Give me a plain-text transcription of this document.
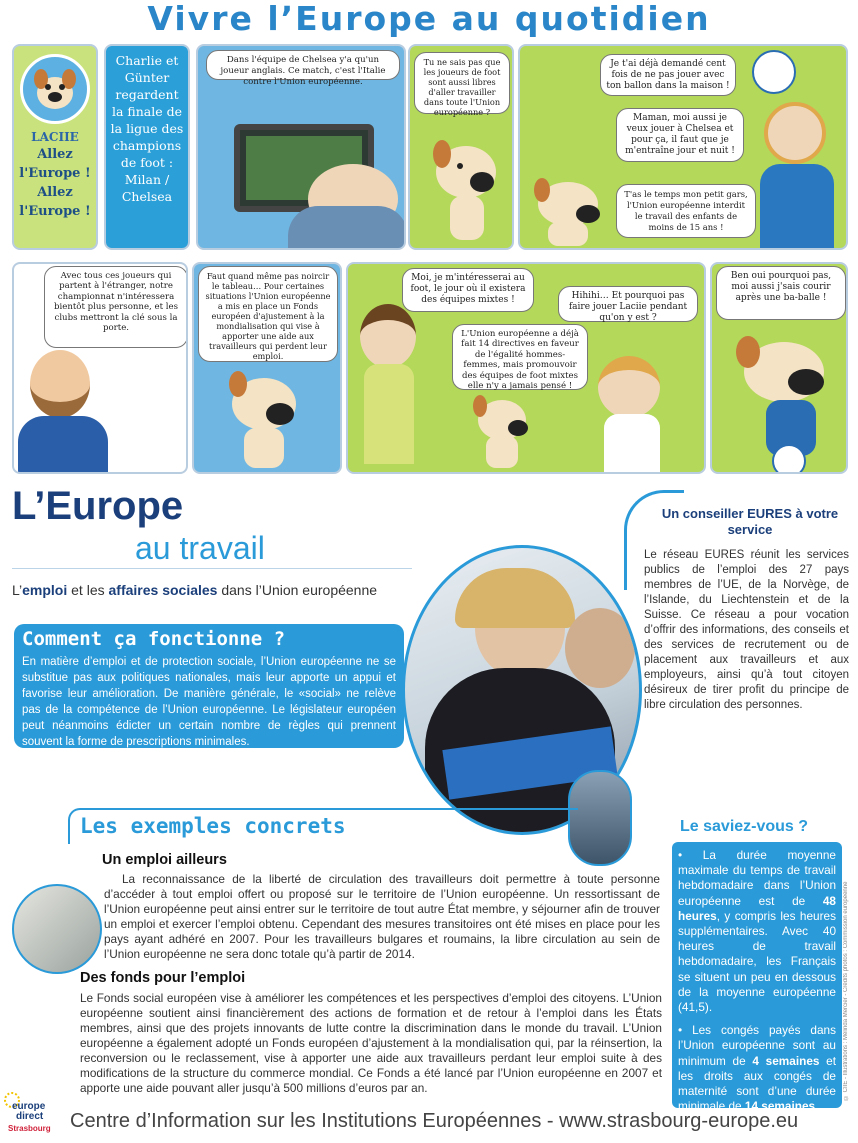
Vivre l’Europe au quotidien
LACIIE
Allez
l'Europe !
Allez
l'Europe !
Charlie et Günter regardent la finale de la ligue des champions de foot : Milan / Chelsea
Dans l'équipe de Chelsea y'a qu'un joueur anglais. Ce match, c'est l'Italie contre l'Union européenne.
Tu ne sais pas que les joueurs de foot sont aussi libres d'aller travailler dans toute l'Union européenne ?
Je t'ai déjà demandé cent fois de ne pas jouer avec ton ballon dans la maison !
Maman, moi aussi je veux jouer à Chelsea et pour ça, il faut que je m'entraîne jour et nuit !
T'as le temps mon petit gars, l'Union européenne interdit le travail des enfants de moins de 15 ans !
Avec tous ces joueurs qui partent à l'étranger, notre championnat n'intéressera bientôt plus personne, et les clubs mettront la clé sous la porte.
Faut quand même pas noircir le tableau… Pour certaines situations l'Union européenne a mis en place un Fonds européen d'ajustement à la mondialisation qui vise à apporter une aide aux travailleurs qui perdent leur emploi.
Moi, je m'intéresserai au foot, le jour où il existera des équipes mixtes !	Hihihi… Et pourquoi pas faire jouer Laciie pendant qu'on y est ?
L'Union européenne a déjà fait 14 directives en faveur de l'égalité hommes-femmes, mais promouvoir des équipes de foot mixtes elle n'y a jamais pensé !
Ben oui pourquoi pas, moi aussi j'sais courir après une ba-balle !
L’Europe
au travail
L’emploi et les affaires sociales dans l’Union européenne
En matière d’emploi et de protection sociale, l’Union européenne ne se substitue pas aux politiques nationales, mais leur apporte un appui et favorise leur amélioration. De manière générale, le «social» ne relève pas de la compétence de l’Union européenne. Le législateur européen peut néanmoins édicter un certain nombre de règles qui prennent souvent la forme de prescriptions minimales.
Comment ça fonctionne ?
Un conseiller EURES à votre service
Le réseau EURES réunit les services publics de l’emploi des 27 pays membres de l’UE, de la Norvège, de l’Islande, du Liechtenstein et de la Suisse. Ce réseau a pour vocation d’offrir des informations, des conseils et des services de recrutement ou de placement aux travailleurs et aux employeurs, ainsi qu’à tout citoyen désireux de tirer profit du principe de libre circulation des personnes.
Les exemples concrets
Un emploi ailleurs
La reconnaissance de la liberté de circulation des travailleurs doit permettre à toute personne d’accéder à tout emploi offert ou proposé sur le territoire de l’Union européenne. Un ressortissant de l’Union européenne peut ainsi entrer sur le territoire de tout autre État membre, y séjourner afin de trouver un emploi et exercer l’emploi obtenu. Cependant des mesures transitoires ont été mises en place pour les pays ayant adhéré en 2007. Pour les travailleurs bulgares et roumains, la libre circulation au sein de l’Union européenne ne sera donc totale qu’à partir de 2014.
Des fonds pour l’emploi
Le Fonds social européen vise à améliorer les compétences et les perspectives d’emploi des citoyens. L’Union européenne soutient ainsi financièrement des actions de formation et de retour à l’emploi dans les États membres, ainsi que des projets innovants de lutte contre la discrimination dans le monde du travail. L’Union européenne a également adopté un Fonds européen d’ajustement à la mondialisation qui, par la réinsertion, la reconversion ou le reclassement, vise à apporter une aide aux travailleurs perdant leur emploi suite à des modifications de la structure du commerce mondial. Ce Fonds a été lancé par l’Union européenne en 2007 et apporte une aide pouvant aller jusqu’à 500 millions d’euros par an.
Le saviez-vous ?

• La durée moyenne maximale du temps de travail hebdomadaire dans l’Union européenne est de 48 heures, y compris les heures supplémentaires. Avec 40 heures de travail hebdomadaire, les Français se situent un peu en dessous de la moyenne européenne (41,5).

• Les congés payés dans l’Union européenne sont au minimum de 4 semaines et les droits aux congés de maternité sont d’une durée minimale de 14 semaines.

© CIIE - Illustrations : Mélinda Mercier - Crédits photos : Commission européenne
europe
direct
Strasbourg Centre d’Information sur les Institutions Européennes - www.strasbourg-europe.eu
